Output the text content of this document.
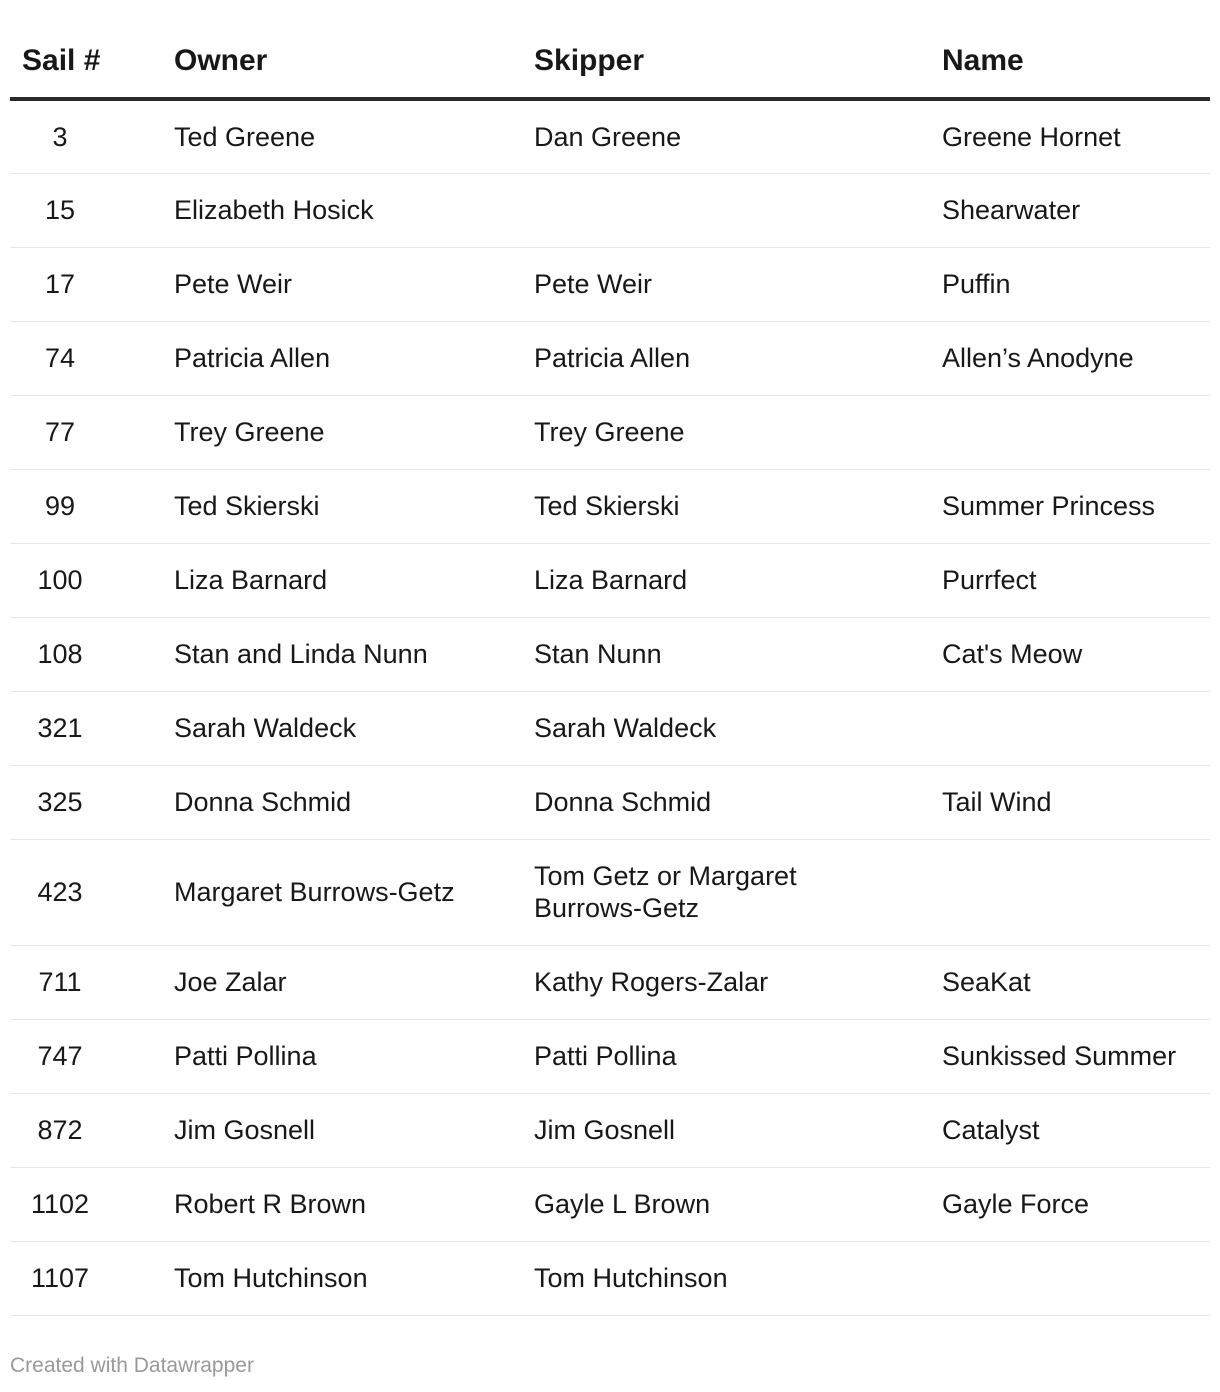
Sail #	Owner	Skipper	Name
3	Ted Greene	Dan Greene	Greene Hornet
15	Elizabeth Hosick		Shearwater
17	Pete Weir	Pete Weir	Puffin
74	Patricia Allen	Patricia Allen	Allen’s Anodyne
77	Trey Greene	Trey Greene	
99	Ted Skierski	Ted Skierski	Summer Princess
100	Liza Barnard	Liza Barnard	Purrfect
108	Stan and Linda Nunn	Stan Nunn	Cat's Meow
321	Sarah Waldeck	Sarah Waldeck	
325	Donna Schmid	Donna Schmid	Tail Wind
423	Margaret Burrows-Getz	Tom Getz or Margaret Burrows-Getz	
711	Joe Zalar	Kathy Rogers-Zalar	SeaKat
747	Patti Pollina	Patti Pollina	Sunkissed Summer
872	Jim Gosnell	Jim Gosnell	Catalyst
1102	Robert R Brown	Gayle L Brown	Gayle Force
1107	Tom Hutchinson	Tom Hutchinson	
Created with Datawrapper
